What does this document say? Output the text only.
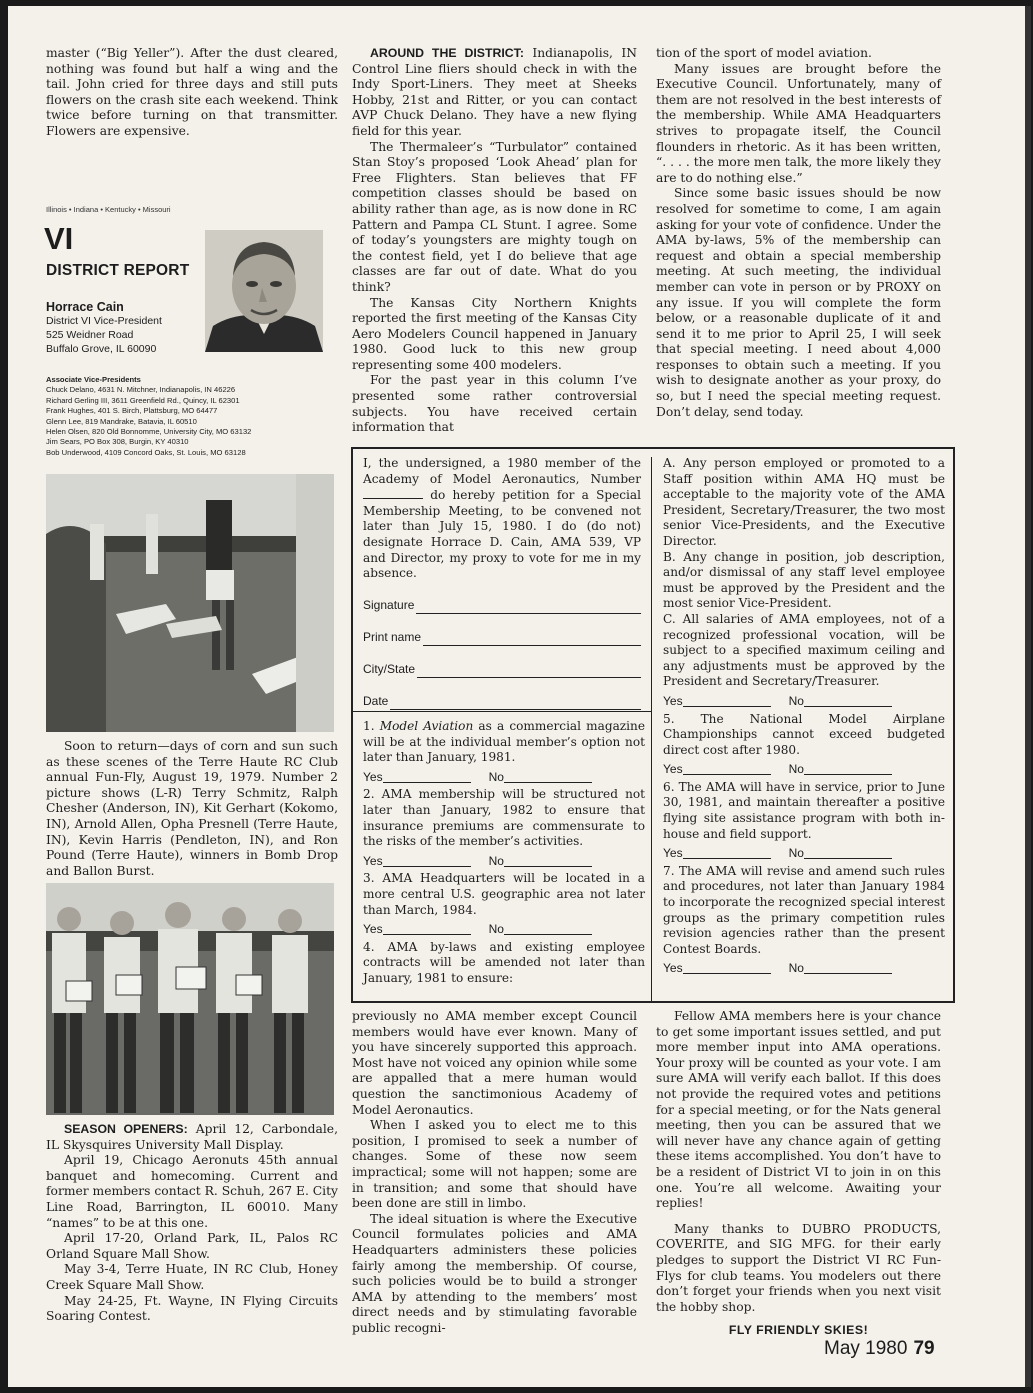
master (“Big Yeller”). After the dust cleared, nothing was found but half a wing and the tail. John cried for three days and still puts flowers on the crash site each weekend. Think twice before turning on that transmitter. Flowers are expensive.

Illinois • Indiana • Kentucky • Missouri
VI
DISTRICT REPORT
Horrace Cain
District VI Vice-President
525 Weidner Road
Buffalo Grove, IL 60090
Associate Vice-Presidents
Chuck Delano, 4631 N. Mitchner, Indianapolis, IN 46226
Richard Gerling III, 3611 Greenfield Rd., Quincy, IL 62301
Frank Hughes, 401 S. Birch, Plattsburg, MO 64477
Glenn Lee, 819 Mandrake, Batavia, IL 60510
Helen Olsen, 820 Old Bonnomme, University City, MO 63132
Jim Sears, PO Box 308, Burgin, KY 40310
Bob Underwood, 4109 Concord Oaks, St. Louis, MO 63128

Soon to return—days of corn and sun such as these scenes of the Terre Haute RC Club annual Fun-Fly, August 19, 1979. Number 2 picture shows (L-R) Terry Schmitz, Ralph Chesher (Anderson, IN), Kit Gerhart (Kokomo, IN), Arnold Allen, Opha Presnell (Terre Haute, IN), Kevin Harris (Pendleton, IN), and Ron Pound (Terre Haute), winners in Bomb Drop and Ballon Burst.

SEASON OPENERS: April 12, Carbondale, IL Skysquires University Mall Display.

April 19, Chicago Aeronuts 45th annual banquet and homecoming. Current and former members contact R. Schuh, 267 E. City Line Road, Barrington, IL 60010. Many “names” to be at this one.

April 17-20, Orland Park, IL, Palos RC Orland Square Mall Show.

May 3-4, Terre Huate, IN RC Club, Honey Creek Square Mall Show.

May 24-25, Ft. Wayne, IN Flying Circuits Soaring Contest.

AROUND THE DISTRICT: Indianapolis, IN Control Line fliers should check in with the Indy Sport-Liners. They meet at Sheeks Hobby, 21st and Ritter, or you can contact AVP Chuck Delano. They have a new flying field for this year.

The Thermaleer’s “Turbulator” contained Stan Stoy’s proposed ‘Look Ahead’ plan for Free Flighters. Stan believes that FF competition classes should be based on ability rather than age, as is now done in RC Pattern and Pampa CL Stunt. I agree. Some of today’s youngsters are mighty tough on the contest field, yet I do believe that age classes are far out of date. What do you think?

The Kansas City Northern Knights reported the first meeting of the Kansas City Aero Modelers Council happened in January 1980. Good luck to this new group representing some 400 modelers.

For the past year in this column I’ve presented some rather controversial subjects. You have received certain information that

tion of the sport of model aviation.

Many issues are brought before the Executive Council. Unfortunately, many of them are not resolved in the best interests of the membership. While AMA Headquarters strives to propagate itself, the Council flounders in rhetoric. As it has been written, “. . . . the more men talk, the more likely they are to do nothing else.”

Since some basic issues should be now resolved for sometime to come, I am again asking for your vote of confidence. Under the AMA by-laws, 5% of the membership can request and obtain a special membership meeting. At such meeting, the individual member can vote in person or by PROXY on any issue. If you will complete the form below, or a reasonable duplicate of it and send it to me prior to April 25, I will seek that special meeting. I need about 4,000 responses to obtain such a meeting. If you wish to designate another as your proxy, do so, but I need the special meeting request. Don’t delay, send today.

I, the undersigned, a 1980 member of the Academy of Model Aeronautics, Number  do hereby petition for a Special Membership Meeting, to be convened not later than July 15, 1980. I do (do not) designate Horrace D. Cain, AMA 539, VP and Director, my proxy to vote for me in my absence.

Signature
Print name
City/State
Date

1. Model Aviation as a commercial magazine will be at the individual member’s option not later than January, 1981.

Yes	No

2. AMA membership will be structured not later than January, 1982 to ensure that insurance premiums are commensurate to the risks of the member’s activities.

Yes	No

3. AMA Headquarters will be located in a more central U.S. geographic area not later than March, 1984.

Yes	No

4. AMA by-laws and existing employee contracts will be amended not later than January, 1981 to ensure:

A. Any person employed or promoted to a Staff position within AMA HQ must be acceptable to the majority vote of the AMA President, Secretary/Treasurer, the two most senior Vice-Presidents, and the Executive Director.

B. Any change in position, job description, and/or dismissal of any staff level employee must be approved by the President and the most senior Vice-President.

C. All salaries of AMA employees, not of a recognized professional vocation, will be subject to a specified maximum ceiling and any adjustments must be approved by the President and Secretary/Treasurer.

Yes	No

5. The National Model Airplane Championships cannot exceed budgeted direct cost after 1980.

Yes	No

6. The AMA will have in service, prior to June 30, 1981, and maintain thereafter a positive flying site assistance program with both in-house and field support.

Yes	No

7. The AMA will revise and amend such rules and procedures, not later than January 1984 to incorporate the recognized special interest groups as the primary competition rules revision agencies rather than the present Contest Boards.

Yes	No

previously no AMA member except Council members would have ever known. Many of you have sincerely supported this approach. Most have not voiced any opinion while some are appalled that a mere human would question the sanctimonious Academy of Model Aeronautics.

When I asked you to elect me to this position, I promised to seek a number of changes. Some of these now seem impractical; some will not happen; some are in transition; and some that should have been done are still in limbo.

The ideal situation is where the Executive Council formulates policies and AMA Headquarters administers these policies fairly among the membership. Of course, such policies would be to build a stronger AMA by attending to the members’ most direct needs and by stimulating favorable public recogni-

Fellow AMA members here is your chance to get some important issues settled, and put more member input into AMA operations. Your proxy will be counted as your vote. I am sure AMA will verify each ballot. If this does not provide the required votes and petitions for a special meeting, or for the Nats general meeting, then you can be assured that we will never have any chance again of getting these items accomplished. You don’t have to be a resident of District VI to join in on this one. You’re all welcome. Awaiting your replies!

Many thanks to DUBRO PRODUCTS, COVERITE, and SIG MFG. for their early pledges to support the District VI RC Fun-Flys for club teams. You modelers out there don’t forget your friends when you next visit the hobby shop.

FLY FRIENDLY SKIES!

May 1980 79
